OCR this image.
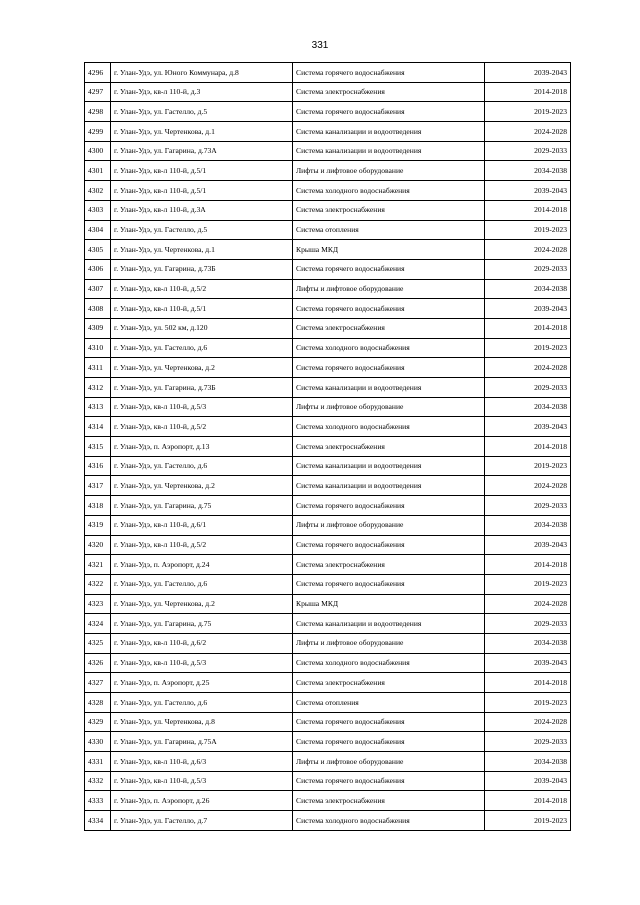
331
4296	г. Улан-Удэ, ул. Юного Коммунара, д.8	Система горячего водоснабжения	2039-2043
4297	г. Улан-Удэ, кв-л 110-й, д.3	Система электроснабжения	2014-2018
4298	г. Улан-Удэ, ул. Гастелло, д.5	Система горячего водоснабжения	2019-2023
4299	г. Улан-Удэ, ул. Чертенкова, д.1	Система канализации и водоотведения	2024-2028
4300	г. Улан-Удэ, ул. Гагарина, д.73А	Система канализации и водоотведения	2029-2033
4301	г. Улан-Удэ, кв-л 110-й, д.5/1	Лифты и лифтовое оборудование	2034-2038
4302	г. Улан-Удэ, кв-л 110-й, д.5/1	Система холодного водоснабжения	2039-2043
4303	г. Улан-Удэ, кв-л 110-й, д.3А	Система электроснабжения	2014-2018
4304	г. Улан-Удэ, ул. Гастелло, д.5	Система отопления	2019-2023
4305	г. Улан-Удэ, ул. Чертенкова, д.1	Крыша МКД	2024-2028
4306	г. Улан-Удэ, ул. Гагарина, д.73Б	Система горячего водоснабжения	2029-2033
4307	г. Улан-Удэ, кв-л 110-й, д.5/2	Лифты и лифтовое оборудование	2034-2038
4308	г. Улан-Удэ, кв-л 110-й, д.5/1	Система горячего водоснабжения	2039-2043
4309	г. Улан-Удэ, ул. 502 км, д.120	Система электроснабжения	2014-2018
4310	г. Улан-Удэ, ул. Гастелло, д.6	Система холодного водоснабжения	2019-2023
4311	г. Улан-Удэ, ул. Чертенкова, д.2	Система горячего водоснабжения	2024-2028
4312	г. Улан-Удэ, ул. Гагарина, д.73Б	Система канализации и водоотведения	2029-2033
4313	г. Улан-Удэ, кв-л 110-й, д.5/3	Лифты и лифтовое оборудование	2034-2038
4314	г. Улан-Удэ, кв-л 110-й, д.5/2	Система холодного водоснабжения	2039-2043
4315	г. Улан-Удэ, п. Аэропорт, д.13	Система электроснабжения	2014-2018
4316	г. Улан-Удэ, ул. Гастелло, д.6	Система канализации и водоотведения	2019-2023
4317	г. Улан-Удэ, ул. Чертенкова, д.2	Система канализации и водоотведения	2024-2028
4318	г. Улан-Удэ, ул. Гагарина, д.75	Система горячего водоснабжения	2029-2033
4319	г. Улан-Удэ, кв-л 110-й, д.6/1	Лифты и лифтовое оборудование	2034-2038
4320	г. Улан-Удэ, кв-л 110-й, д.5/2	Система горячего водоснабжения	2039-2043
4321	г. Улан-Удэ, п. Аэропорт, д.24	Система электроснабжения	2014-2018
4322	г. Улан-Удэ, ул. Гастелло, д.6	Система горячего водоснабжения	2019-2023
4323	г. Улан-Удэ, ул. Чертенкова, д.2	Крыша МКД	2024-2028
4324	г. Улан-Удэ, ул. Гагарина, д.75	Система канализации и водоотведения	2029-2033
4325	г. Улан-Удэ, кв-л 110-й, д.6/2	Лифты и лифтовое оборудование	2034-2038
4326	г. Улан-Удэ, кв-л 110-й, д.5/3	Система холодного водоснабжения	2039-2043
4327	г. Улан-Удэ, п. Аэропорт, д.25	Система электроснабжения	2014-2018
4328	г. Улан-Удэ, ул. Гастелло, д.6	Система отопления	2019-2023
4329	г. Улан-Удэ, ул. Чертенкова, д.8	Система горячего водоснабжения	2024-2028
4330	г. Улан-Удэ, ул. Гагарина, д.75А	Система горячего водоснабжения	2029-2033
4331	г. Улан-Удэ, кв-л 110-й, д.6/3	Лифты и лифтовое оборудование	2034-2038
4332	г. Улан-Удэ, кв-л 110-й, д.5/3	Система горячего водоснабжения	2039-2043
4333	г. Улан-Удэ, п. Аэропорт, д.26	Система электроснабжения	2014-2018
4334	г. Улан-Удэ, ул. Гастелло, д.7	Система холодного водоснабжения	2019-2023
